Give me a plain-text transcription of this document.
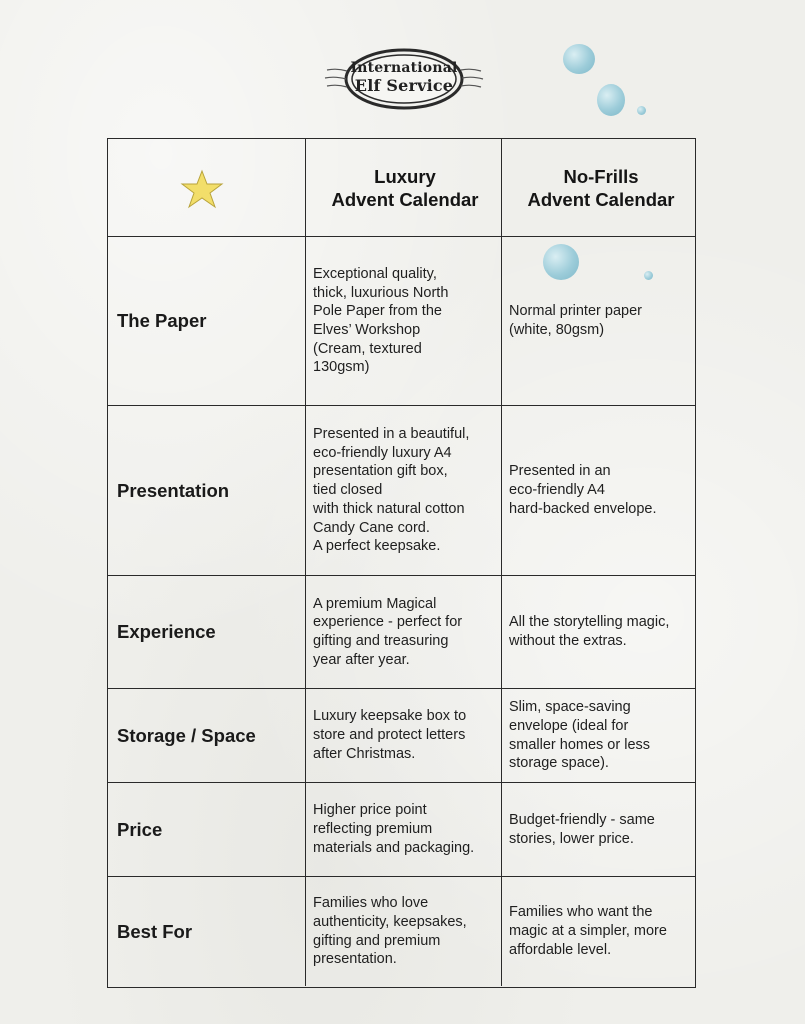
International
Elf Service
Luxury
Advent Calendar
No-Frills
Advent Calendar
The Paper
Exceptional quality,
thick, luxurious North
Pole Paper from the
Elves’ Workshop
(Cream, textured
130gsm)
Normal printer paper
(white, 80gsm)
Presentation
Presented in a beautiful,
eco-friendly luxury A4
presentation gift box,
tied closed
with thick natural cotton
Candy Cane cord.
A perfect keepsake.
Presented in an
eco-friendly A4
hard-backed envelope.
Experience
A premium Magical
experience - perfect for
gifting and treasuring
year after year.
All the storytelling magic,
without the extras.
Storage / Space
Luxury keepsake box to
store and protect letters
after Christmas.
Slim, space-saving
envelope (ideal for
smaller homes or less
storage space).
Price
Higher price point
reflecting premium
materials and packaging.
Budget-friendly - same
stories, lower price.
Best For
Families who love
authenticity, keepsakes,
gifting and premium
presentation.
Families who want the
magic at a simpler, more
affordable level.
